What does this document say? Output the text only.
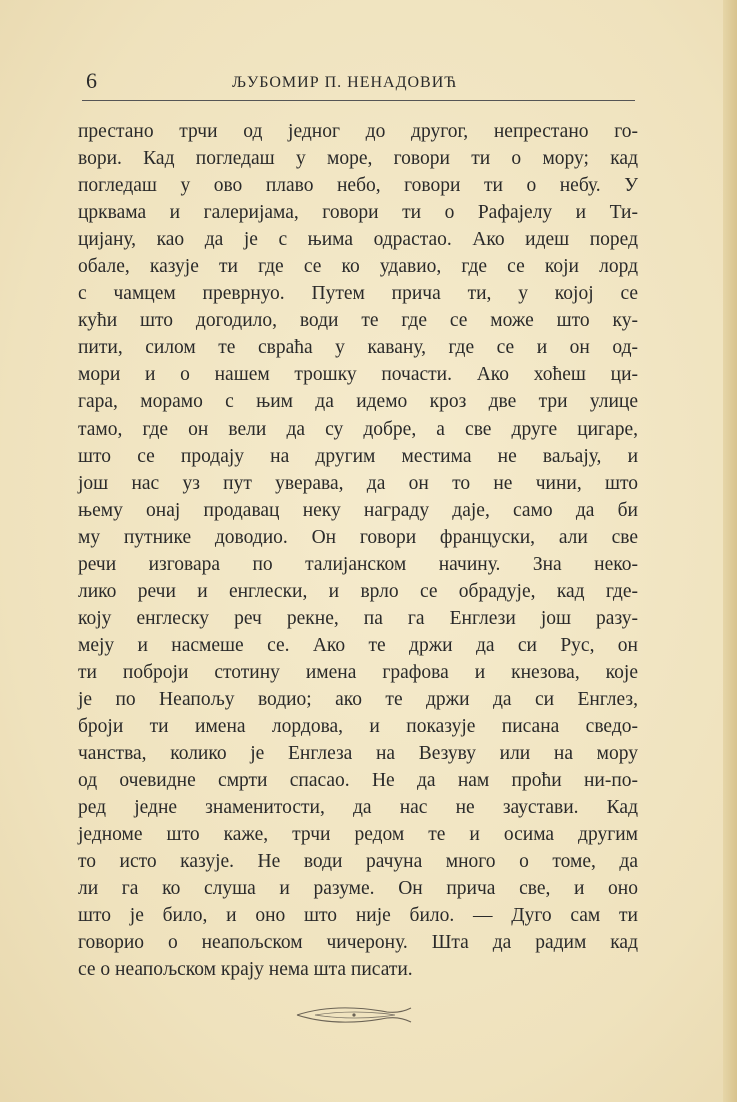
6	ЉУБОМИР П. НЕНАДОВИЋ
престано трчи од једног до другог, непрестано го-
вори. Кад погледаш у море, говори ти о мору; кад
погледаш у ово плаво небо, говори ти о небу. У
црквама и галеријама, говори ти о Рафајелу и Ти-
цијану, као да је с њима одрастао. Ако идеш поред
обале, казује ти где се ко удавио, где се који лорд
с чамцем преврнуо. Путем прича ти, у којој се
кући што догодило, води те где се може што ку-
пити, силом те свраћа у кавану, где се и он од-
мори и о нашем трошку почасти. Ако хоћеш ци-
гара, морамо с њим да идемо кроз две три улице
тамо, где он вели да су добре, а све друге цигаре,
што се продају на другим местима не ваљају, и
још нас уз пут уверава, да он то не чини, што
њему онај продавац неку награду даје, само да би
му путнике доводио. Он говори француски, али све
речи изговара по талијанском начину. Зна неко-
лико речи и енглески, и врло се обрадује, кад где-
коју енглеску реч рекне, па га Енглези још разу-
меју и насмеше се. Ако те држи да си Рус, он
ти поброји стотину имена графова и кнезова, које
је по Неапољу водио; ако те држи да си Енглез,
броји ти имена лордова, и показује писана сведо-
чанства, колико је Енглеза на Везуву или на мору
од очевидне смрти спасао. Не да нам проћи ни-по-
ред једне знаменитости, да нас не заустави. Кад
једноме што каже, трчи редом те и осима другим
то исто казује. Не води рачуна много о томе, да
ли га ко слуша и разуме. Он прича све, и оно
што је било, и оно што није било. — Дуго сам ти
говорио о неапољском чичерону. Шта да радим кад
се о неапољском крају нема шта писати.
